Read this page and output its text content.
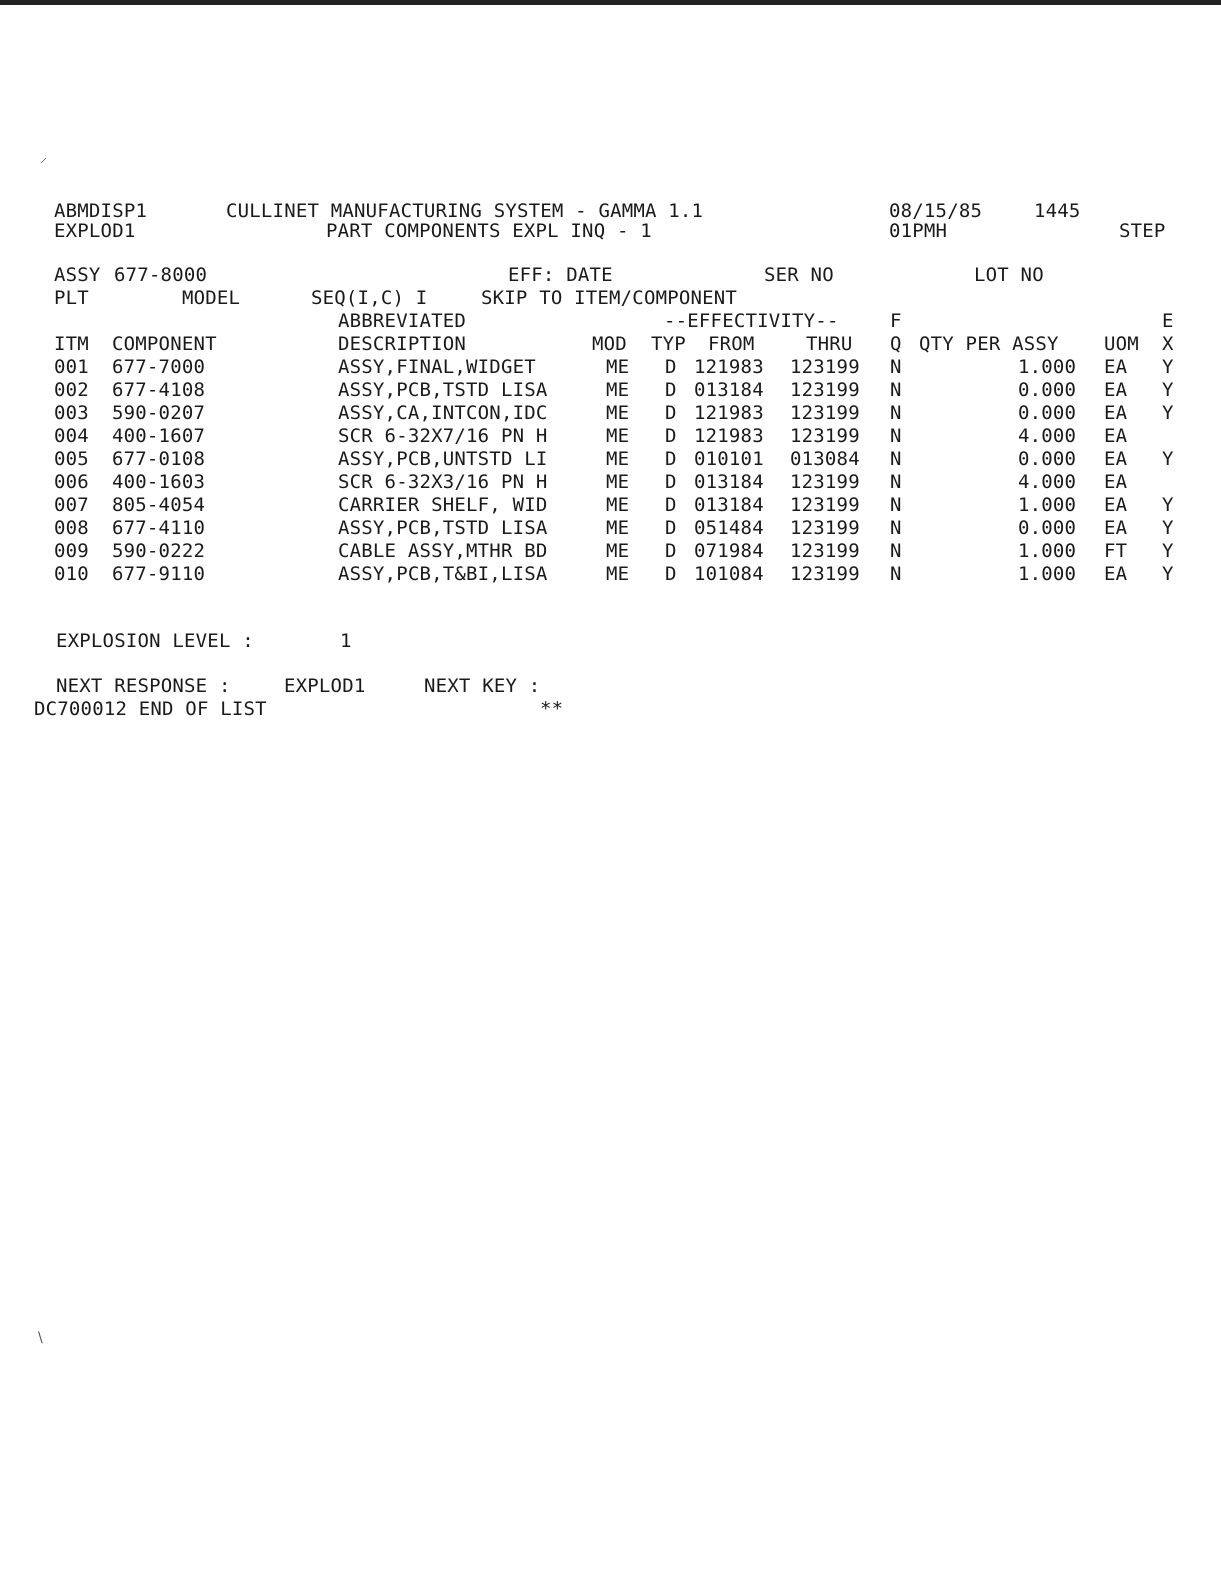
ABMDISP1	CULLINET MANUFACTURING SYSTEM - GAMMA 1.1	08/15/85	1445
EXPLOD1	PART COMPONENTS EXPL INQ - 1	01PMH	STEP
ASSY 677-8000	EFF: DATE	SER NO	LOT NO
PLT	MODEL	SEQ(I,C) I	SKIP TO ITEM/COMPONENT
ABBREVIATED	--EFFECTIVITY--	F	E
ITM COMPONENT	DESCRIPTION	MOD TYP FROM	THRU Q QTY PER ASSY UOM X
001 677-7000	ASSY,FINAL,WIDGET	ME D 121983 123199 N	1.000 EA Y
002 677-4108	ASSY,PCB,TSTD LISA	ME D 013184 123199 N	0.000 EA Y
003 590-0207	ASSY,CA,INTCON,IDC	ME D 121983 123199 N	0.000 EA Y
004 400-1607	SCR 6-32X7/16 PN H	ME D 121983 123199 N	4.000 EA
005 677-0108	ASSY,PCB,UNTSTD LI	ME D 010101 013084 N	0.000 EA Y
006 400-1603	SCR 6-32X3/16 PN H	ME D 013184 123199 N	4.000 EA
007 805-4054	CARRIER SHELF, WID	ME D 013184 123199 N	1.000 EA Y
008 677-4110	ASSY,PCB,TSTD LISA	ME D 051484 123199 N	0.000 EA Y
009 590-0222	CABLE ASSY,MTHR BD	ME D 071984 123199 N	1.000 FT Y
010 677-9110	ASSY,PCB,T&BI,LISA	ME D 101084 123199 N	1.000 EA Y
EXPLOSION LEVEL :	1
NEXT RESPONSE :	EXPLOD1	NEXT KEY :
DC700012 END OF LIST	**
⸝
\
